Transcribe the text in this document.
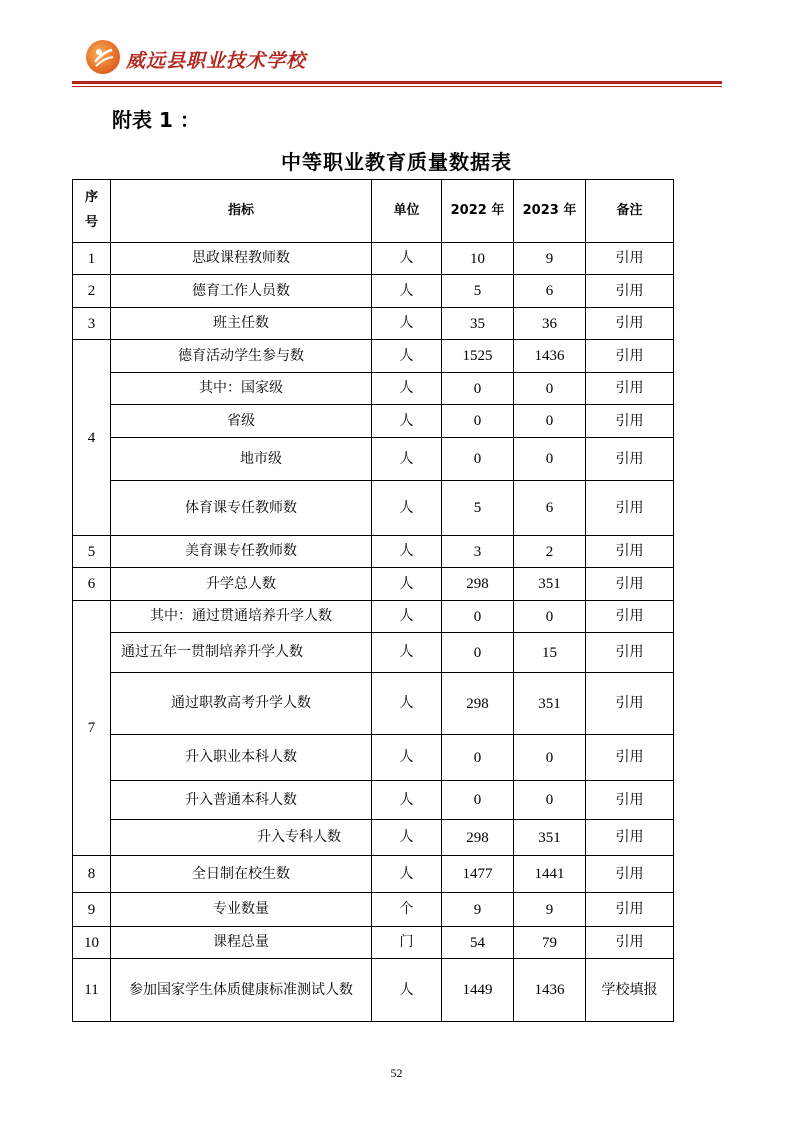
威远县职业技术学校
附表 1 ：
中等职业教育质量数据表
序号	指标	单位	2022 年	2023 年	备注
1	思政课程教师数	人	10	9	引用
2	德育工作人员数	人	5	6	引用
3	班主任数	人	35	36	引用
4	德育活动学生参与数	人	1525	1436	引用
	其中：国家级	人	0	0	引用
	省级	人	0	0	引用
	地市级	人	0	0	引用
	体育课专任教师数	人	5	6	引用
5	美育课专任教师数	人	3	2	引用
6	升学总人数	人	298	351	引用
7	其中：通过贯通培养升学人数	人	0	0	引用
	通过五年一贯制培养升学人数	人	0	15	引用
	通过职教高考升学人数	人	298	351	引用
	升入职业本科人数	人	0	0	引用
	升入普通本科人数	人	0	0	引用
	升入专科人数	人	298	351	引用
8	全日制在校生数	人	1477	1441	引用
9	专业数量	个	9	9	引用
10	课程总量	门	54	79	引用
11	参加国家学生体质健康标准测试人数	人	1449	1436	学校填报
52
